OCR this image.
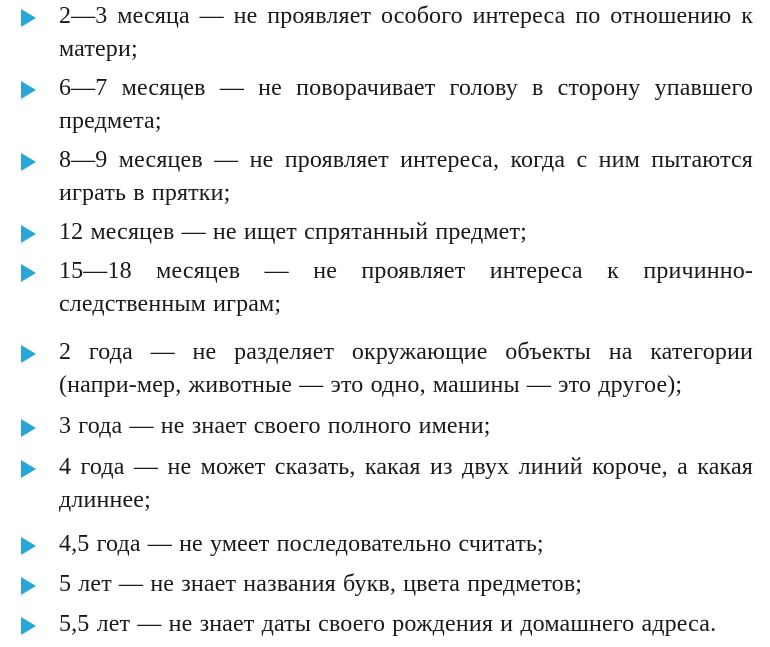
2—3 месяца — не проявляет особого интереса по отношению к матери;

6—7 месяцев — не поворачивает голову в сторону упавшего предмета;

8—9 месяцев — не проявляет интереса, когда с ним пытаются играть в прятки;

12 месяцев — не ищет спрятанный предмет;

15—18 месяцев — не проявляет интереса к причинно-следственным играм;

2 года — не разделяет окружающие объекты на категории (напри-мер, животные — это одно, машины — это другое);

3 года — не знает своего полного имени;

4 года — не может сказать, какая из двух линий короче, а какая длиннее;

4,5 года — не умеет последовательно считать;

5 лет — не знает названия букв, цвета предметов;

5,5 лет — не знает даты своего рождения и домашнего адреса.
